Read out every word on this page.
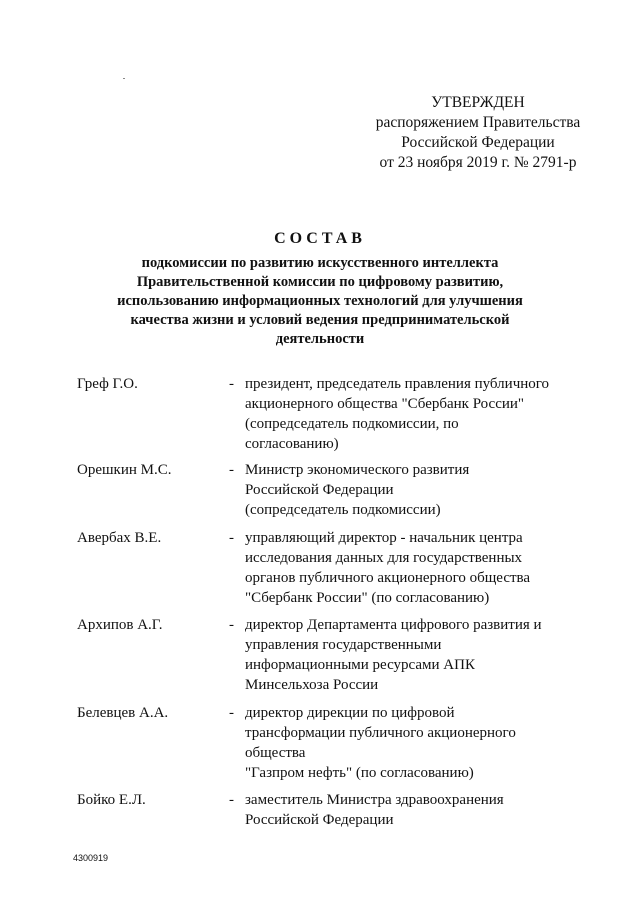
УТВЕРЖДЕН
распоряжением Правительства
Российской Федерации
от 23 ноября 2019 г. № 2791-р
СОСТАВ
подкомиссии по развитию искусственного интеллекта
Правительственной комиссии по цифровому развитию,
использованию информационных технологий для улучшения
качества жизни и условий ведения предпринимательской
деятельности
Греф Г.О.	- президент, председатель правления публичного
акционерного общества "Сбербанк России"
(сопредседатель подкомиссии, по
согласованию)
Орешкин М.С.	- Министр экономического развития
Российской Федерации
(сопредседатель подкомиссии)
Авербах В.Е.	- управляющий директор - начальник центра
исследования данных для государственных
органов публичного акционерного общества
"Сбербанк России" (по согласованию)
Архипов А.Г.	- директор Департамента цифрового развития и
управления государственными
информационными ресурсами АПК
Минсельхоза России
Белевцев А.А.	- директор дирекции по цифровой
трансформации публичного акционерного
общества
"Газпром нефть" (по согласованию)
Бойко Е.Л.	- заместитель Министра здравоохранения
Российской Федерации
4300919
